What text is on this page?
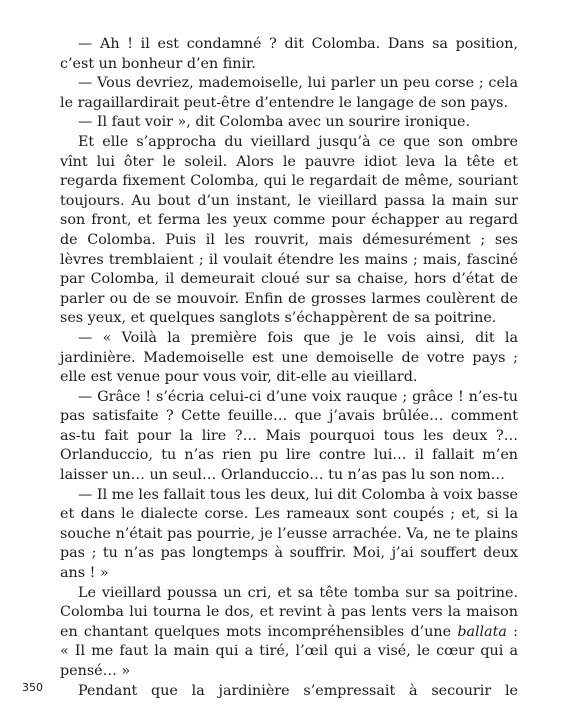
— Ah ! il est condamné ? dit Colomba. Dans sa position, c’est un bonheur d’en finir.

— Vous devriez, mademoiselle, lui parler un peu corse ; cela le ragaillardirait peut-être d’entendre le langage de son pays.

— Il faut voir », dit Colomba avec un sourire ironique.

Et elle s’approcha du vieillard jusqu’à ce que son ombre vînt lui ôter le soleil. Alors le pauvre idiot leva la tête et regarda fixement Colomba, qui le regardait de même, souriant toujours. Au bout d’un instant, le vieillard passa la main sur son front, et ferma les yeux comme pour échapper au regard de Colomba. Puis il les rouvrit, mais démesurément ; ses lèvres tremblaient ; il voulait étendre les mains ; mais, fasciné par Colomba, il demeurait cloué sur sa chaise, hors d’état de parler ou de se mouvoir. Enfin de grosses larmes coulèrent de ses yeux, et quelques sanglots s’échappèrent de sa poitrine.

— « Voilà la première fois que je le vois ainsi, dit la jardinière. Mademoiselle est une demoiselle de votre pays ; elle est venue pour vous voir, dit-elle au vieillard.

— Grâce ! s’écria celui-ci d’une voix rauque ; grâce ! n’es-tu pas satisfaite ? Cette feuille… que j’avais brûlée… comment as-tu fait pour la lire ?… Mais pourquoi tous les deux ?… Orlanduccio, tu n’as rien pu lire contre lui… il fallait m’en laisser un… un seul… Orlanduccio… tu n’as pas lu son nom…

— Il me les fallait tous les deux, lui dit Colomba à voix basse et dans le dialecte corse. Les rameaux sont coupés ; et, si la souche n’était pas pourrie, je l’eusse arrachée. Va, ne te plains pas ; tu n’as pas longtemps à souffrir. Moi, j’ai souffert deux ans ! »

Le vieillard poussa un cri, et sa tête tomba sur sa poitrine. Colomba lui tourna le dos, et revint à pas lents vers la maison en chantant quelques mots incompréhensibles d’une ballata : « Il me faut la main qui a tiré, l’œil qui a visé, le cœur qui a pensé… »

Pendant que la jardinière s’empressait à secourir le

350
